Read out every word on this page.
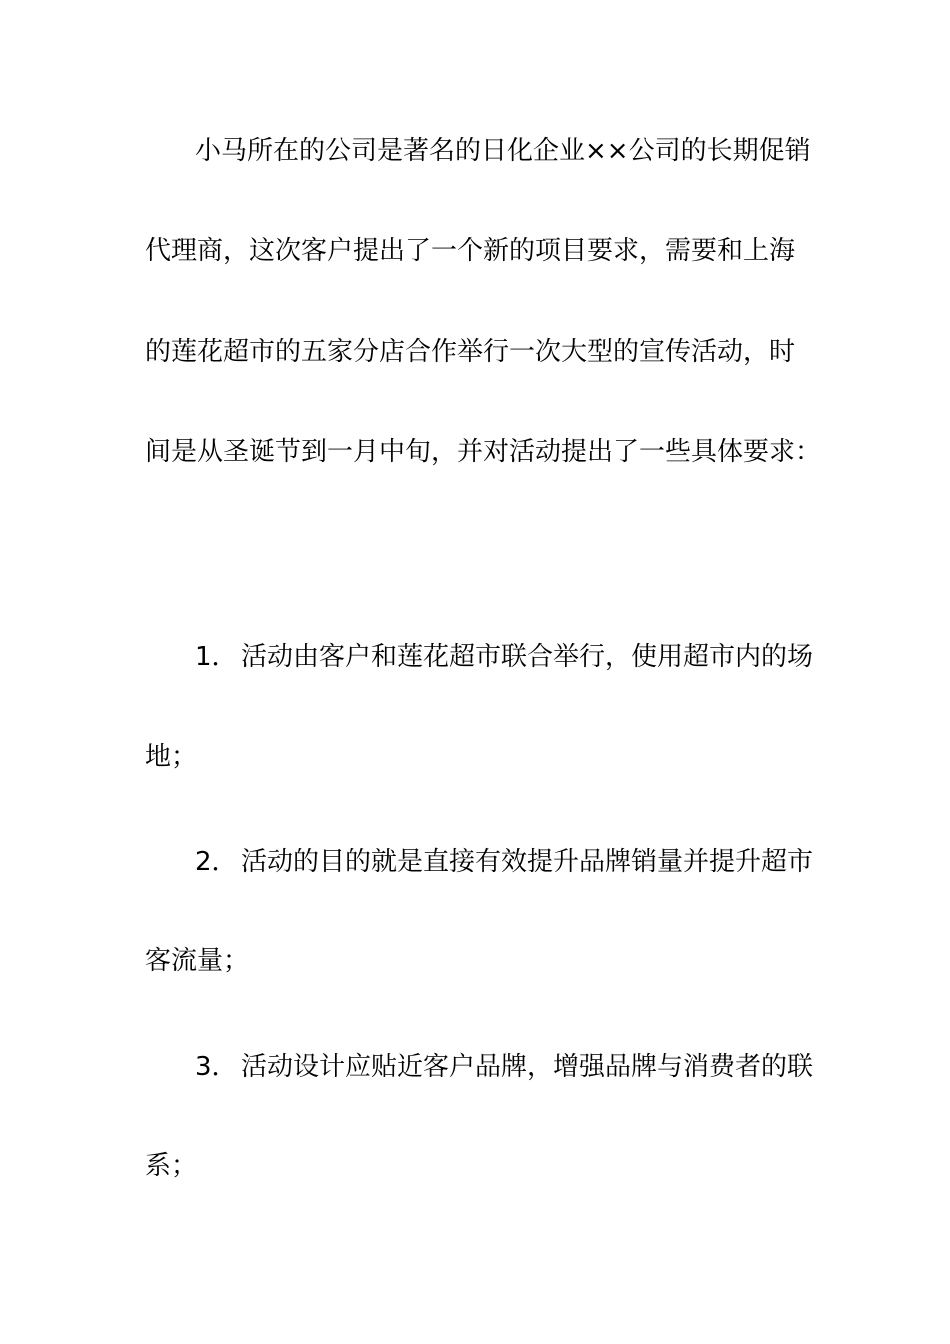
小马所在的公司是著名的日化企业××公司的长期促销
代理商，这次客户提出了一个新的项目要求，需要和上海
的莲花超市的五家分店合作举行一次大型的宣传活动，时
间是从圣诞节到一月中旬，并对活动提出了一些具体要求：
1． 活动由客户和莲花超市联合举行，使用超市内的场
地；
2． 活动的目的就是直接有效提升品牌销量并提升超市
客流量；
3． 活动设计应贴近客户品牌，增强品牌与消费者的联
系；
